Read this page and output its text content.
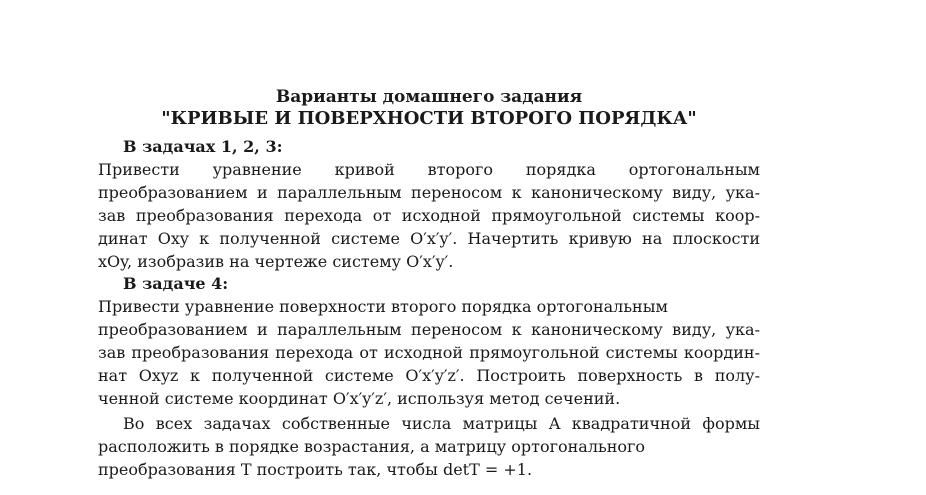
Варианты домашнего задания
"КРИВЫЕ И ПОВЕРХНОСТИ ВТОРОГО ПОРЯДКА"
В задачах 1, 2, 3:
Привести уравнение кривой второго порядка ортогональным
преобразованием и параллельным переносом к каноническому виду, ука-
зав преобразования перехода от исходной прямоугольной системы коор-
динат Oxy к полученной системе O′x′y′. Начертить кривую на плоскости
xOy, изобразив на чертеже систему O′x′y′.
В задаче 4:
Привести уравнение поверхности второго порядка ортогональным
преобразованием и параллельным переносом к каноническому виду, ука-
зав преобразования перехода от исходной прямоугольной системы координ-
нат Oxyz к полученной системе O′x′y′z′. Построить поверхность в полу-
ченной системе координат O′x′y′z′, используя метод сечений.
Во всех задачах собственные числа матрицы A квадратичной формы
расположить в порядке возрастания, а матрицу ортогонального
преобразования T построить так, чтобы detT = +1.
